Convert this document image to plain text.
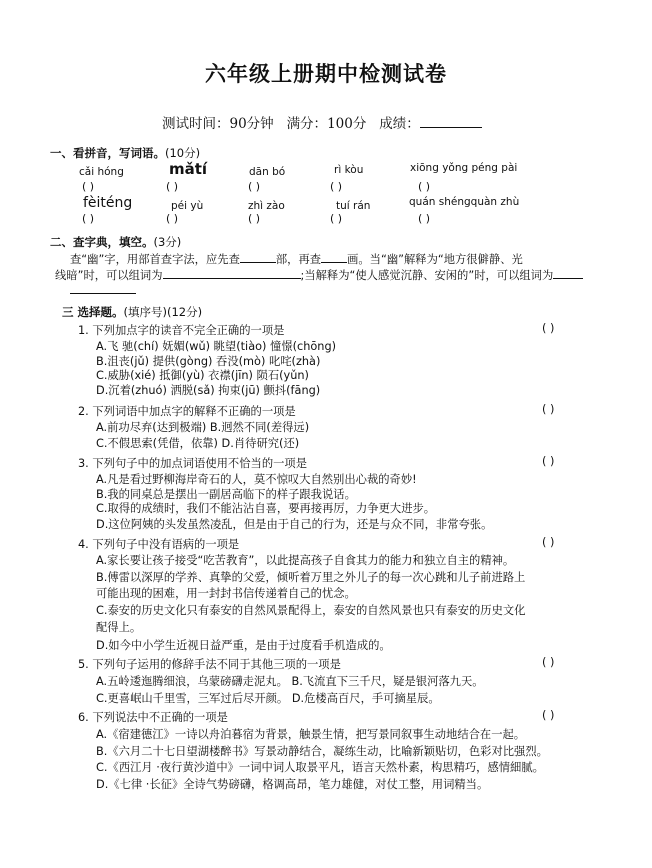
六年级上册期中检测试卷
测试时间：90分钟 满分：100分 成绩：
一、看拼音，写词语。(10分)
cǎi hóng	mǎtí	dān bó	rì kòu	xiōng yǒng péng pài
( )	( )	( )	( )	( )
fèiténg	péi yù	zhì zào	tuí rán	quán shéngquàn zhù
( )	( )	( )	( )	( )
二、查字典，填空。(3分)
查“幽”字，用部首查字法，应先查	部，再查 画。当“幽”解释为“地方很僻静、光
线暗”时，可以组词为	;当解释为“使人感觉沉静、安闲的”时，可以组词为
三 选择题。(填序号)(12分)
1. 下列加点字的读音不完全正确的一项是	( )
A.飞 驰(chí) 妩媚(wǔ) 眺望(tiào) 憧憬(chōng)
B.沮丧(jǔ) 提供(gòng) 吞没(mò) 叱咤(zhà)
C.威胁(xié) 抵御(yù) 衣襟(jīn) 陨石(yǔn)
D.沉着(zhuó) 洒脱(sǎ) 拘束(jū) 颤抖(fāng)
2. 下列词语中加点字的解释不正确的一项是	( )
A.前功尽弃(达到极端) B.迥然不同(差得远)
C.不假思索(凭借，依靠) D.肖待研究(还)
3. 下列句子中的加点词语使用不恰当的一项是	( )
A.凡是看过野柳海岸奇石的人，莫不惊叹大自然别出心裁的奇妙!
B.我的同桌总是摆出一副居高临下的样子跟我说话。
C.取得的成绩时，我们不能沾沾自喜，要再接再厉，力争更大进步。
D.这位阿姨的头发虽然凌乱，但是由于自己的行为，还是与众不同，非常夸张。
4. 下列句子中没有语病的一项是	( )
A.家长要让孩子接受“吃苦教育”，以此提高孩子自食其力的能力和独立自主的精神。
B.傅雷以深厚的学养、真挚的父爱，倾听着万里之外儿子的每一次心跳和儿子前进路上
可能出现的困难，用一封封书信传递着自己的忧念。
C.泰安的历史文化只有泰安的自然风景配得上，泰安的自然风景也只有泰安的历史文化
配得上。
D.如今中小学生近视日益严重，是由于过度看手机造成的。
5. 下列句子运用的修辞手法不同于其他三项的一项是	( )
A.五岭逶迤腾细浪，乌蒙磅礴走泥丸。 B.飞流直下三千尺，疑是银河落九天。
C.更喜岷山千里雪，三军过后尽开颜。 D.危楼高百尺，手可摘星辰。
6. 下列说法中不正确的一项是	( )
A.《宿建德江》一诗以舟泊暮宿为背景，触景生情，把写景同叙事生动地结合在一起。
B.《六月二十七日望湖楼醉书》写景动静结合，凝练生动，比喻新颖贴切，色彩对比强烈。
C.《西江月 ·夜行黄沙道中》一词中词人取景平凡，语言天然朴素，构思精巧，感情細腻。
D.《七律 ·长征》全诗气势磅礴，格调高昂，笔力雄健，对仗工整，用词精当。
